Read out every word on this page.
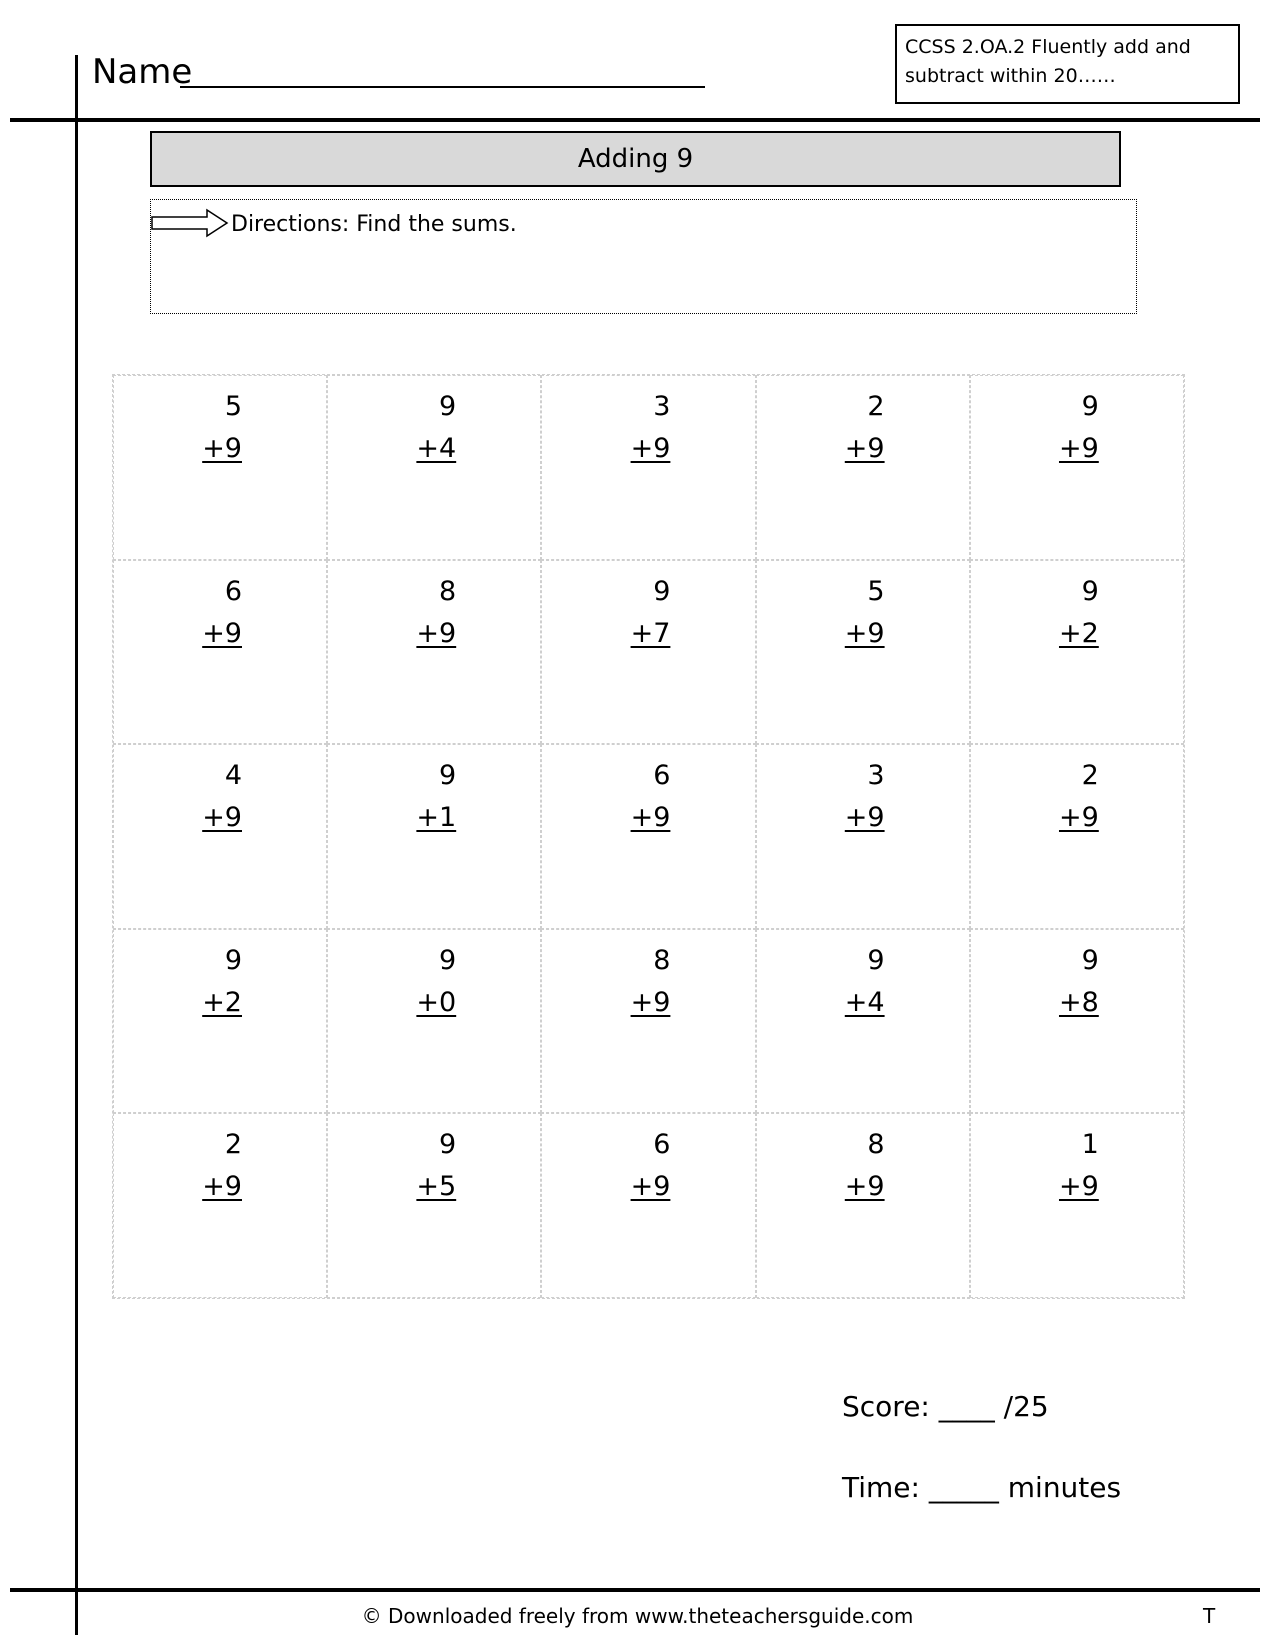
Name
CCSS 2.OA.2 Fluently add and subtract within 20……
Adding 9
Directions: Find the sums.
5
+9
9
+4
3
+9
2
+9
9
+9
6
+9
8
+9
9
+7
5
+9
9
+2
4
+9
9
+1
6
+9
3
+9
2
+9
9
+2
9
+0
8
+9
9
+4
9
+8
2
+9
9
+5
6
+9
8
+9
1
+9
Score: ____ /25
Time: _____ minutes
© Downloaded freely from www.theteachersguide.com	T
